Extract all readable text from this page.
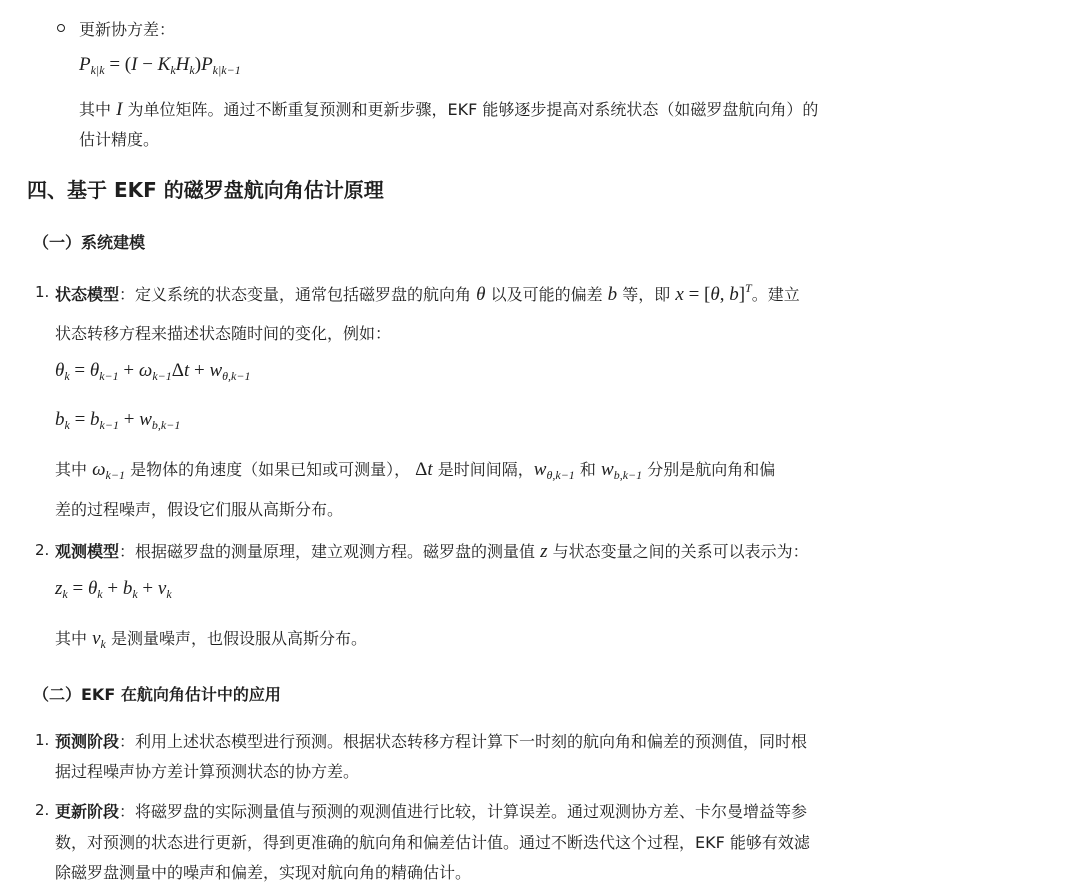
更新协方差：
$P_{k|k} = (I - K_kH_k)P_{k|k-1}$
其中 I 为单位矩阵。通过不断重复预测和更新步骤，EKF 能够逐步提高对系统状态（如磁罗盘航向角）的
估计精度。
四、基于 EKF 的磁罗盘航向角估计原理
（一）系统建模
1. 状态模型：定义系统的状态变量，通常包括磁罗盘的航向角 θ 以及可能的偏差 b 等，即 x = [θ, b]$^T$。建立
状态转移方程来描述状态随时间的变化，例如：
$\theta_k = \theta_{k-1} + \omega_{k-1}\Delta t + w_{\theta,k-1}$
$b_k = b_{k-1} + w_{b,k-1}$
其中 $\omega_{k-1}$ 是物体的角速度（如果已知或可测量）， Δt 是时间间隔，$w_{\theta,k-1}$ 和 $w_{b,k-1}$ 分别是航向角和偏
差的过程噪声，假设它们服从高斯分布。
2. 观测模型：根据磁罗盘的测量原理，建立观测方程。磁罗盘的测量值 z 与状态变量之间的关系可以表示为：
$z_k = \theta_k + b_k + v_k$
其中 $v_k$ 是测量噪声，也假设服从高斯分布。
（二）EKF 在航向角估计中的应用
1. 预测阶段：利用上述状态模型进行预测。根据状态转移方程计算下一时刻的航向角和偏差的预测值，同时根
据过程噪声协方差计算预测状态的协方差。
2. 更新阶段：将磁罗盘的实际测量值与预测的观测值进行比较，计算误差。通过观测协方差、卡尔曼增益等参
数，对预测的状态进行更新，得到更准确的航向角和偏差估计值。通过不断迭代这个过程，EKF 能够有效滤
除磁罗盘测量中的噪声和偏差，实现对航向角的精确估计。
